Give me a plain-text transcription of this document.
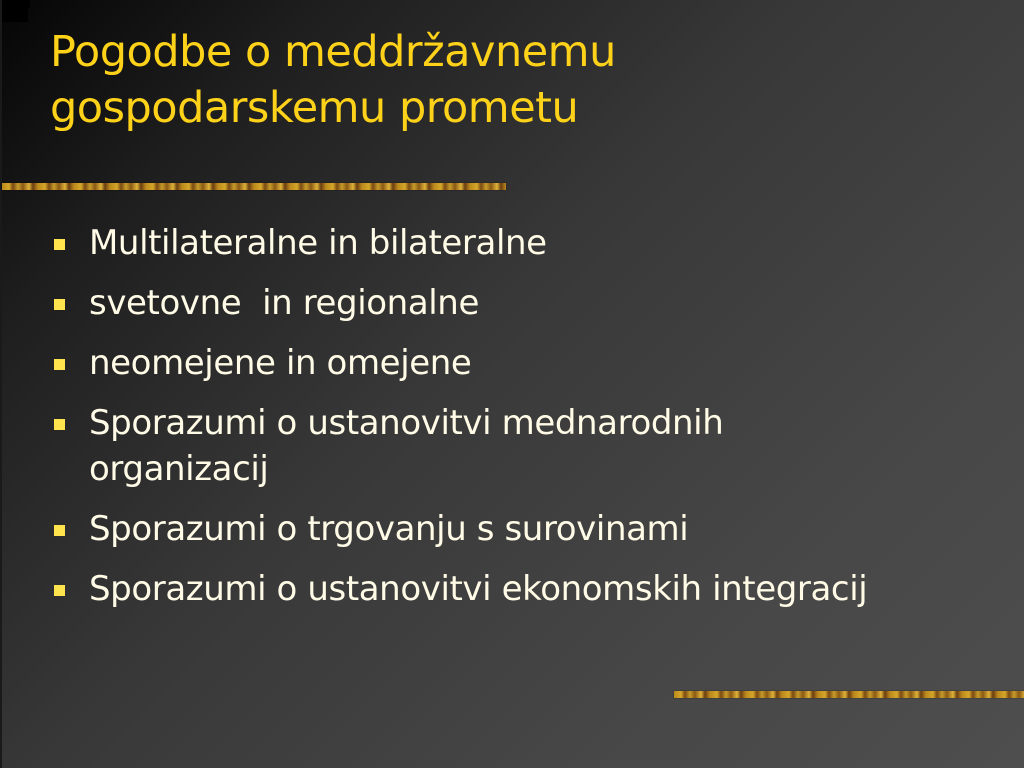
Pogodbe o meddržavnemu
gospodarskemu prometu
Multilateralne in bilateralne
svetovne  in regionalne
neomejene in omejene
Sporazumi o ustanovitvi mednarodnih organizacij
Sporazumi o trgovanju s surovinami
Sporazumi o ustanovitvi ekonomskih integracij
